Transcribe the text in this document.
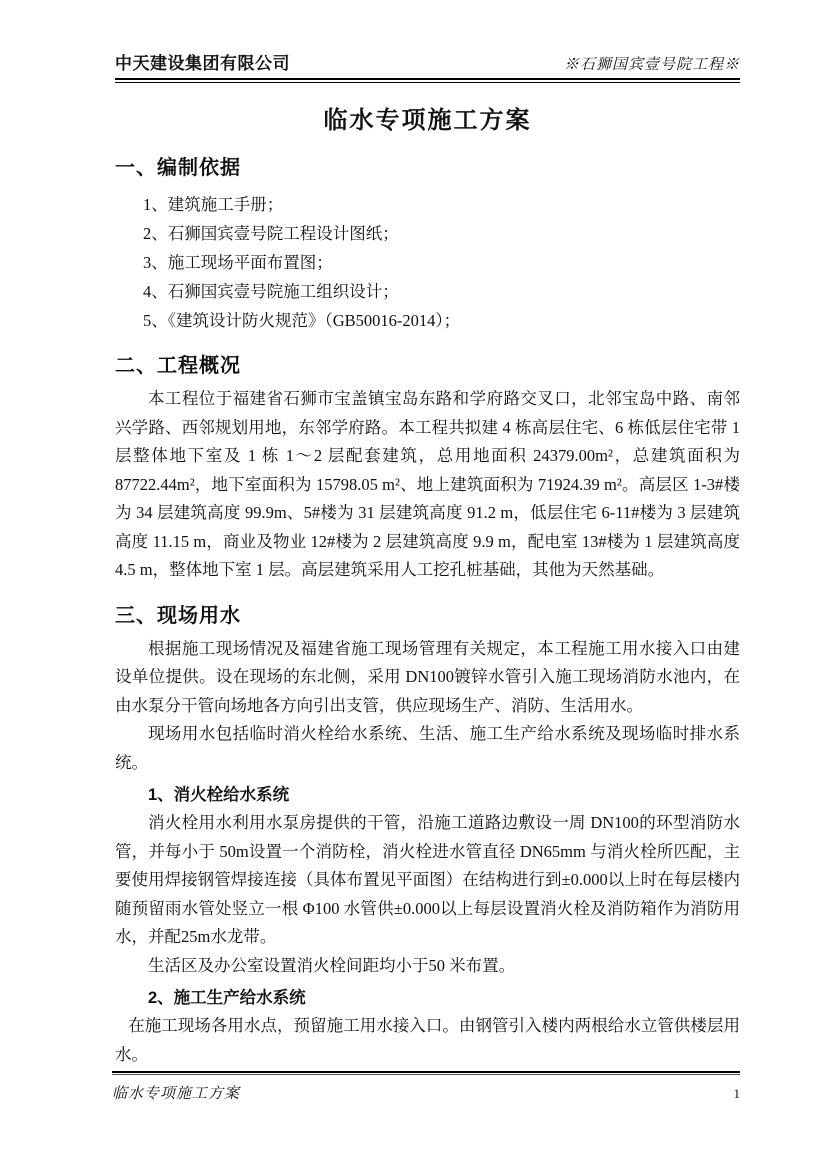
中天建设集团有限公司	※石狮国宾壹号院工程※
临水专项施工方案
一、编制依据
1、建筑施工手册；
2、石狮国宾壹号院工程设计图纸；
3、施工现场平面布置图；
4、石狮国宾壹号院施工组织设计；
5、《建筑设计防火规范》（GB50016-2014）；
二、工程概况

本工程位于福建省石狮市宝盖镇宝岛东路和学府路交叉口，北邻宝岛中路、南邻兴学路、西邻规划用地，东邻学府路。本工程共拟建 4 栋高层住宅、6 栋低层住宅带 1 层整体地下室及 1 栋 1～2 层配套建筑，总用地面积 24379.00m²，总建筑面积为 87722.44m²，地下室面积为 15798.05 m²、地上建筑面积为 71924.39 m²。高层区 1-3#楼为 34 层建筑高度 99.9m、5#楼为 31 层建筑高度 91.2 m，低层住宅 6-11#楼为 3 层建筑高度 11.15 m，商业及物业 12#楼为 2 层建筑高度 9.9 m，配电室 13#楼为 1 层建筑高度 4.5 m，整体地下室 1 层。高层建筑采用人工挖孔桩基础，其他为天然基础。

三、现场用水

根据施工现场情况及福建省施工现场管理有关规定，本工程施工用水接入口由建设单位提供。设在现场的东北侧，采用 DN100镀锌水管引入施工现场消防水池内，在由水泵分干管向场地各方向引出支管，供应现场生产、消防、生活用水。

现场用水包括临时消火栓给水系统、生活、施工生产给水系统及现场临时排水系统。

1、消火栓给水系统

消火栓用水利用水泵房提供的干管，沿施工道路边敷设一周 DN100的环型消防水管，并每小于 50m设置一个消防栓，消火栓进水管直径 DN65mm 与消火栓所匹配，主要使用焊接钢管焊接连接（具体布置见平面图）在结构进行到±0.000以上时在每层楼内随预留雨水管处竖立一根 Φ100 水管供±0.000以上每层设置消火栓及消防箱作为消防用水，并配25m水龙带。

生活区及办公室设置消火栓间距均小于50 米布置。

2、施工生产给水系统

在施工现场各用水点，预留施工用水接入口。由钢管引入楼内两根给水立管供楼层用水。

临水专项施工方案	1
